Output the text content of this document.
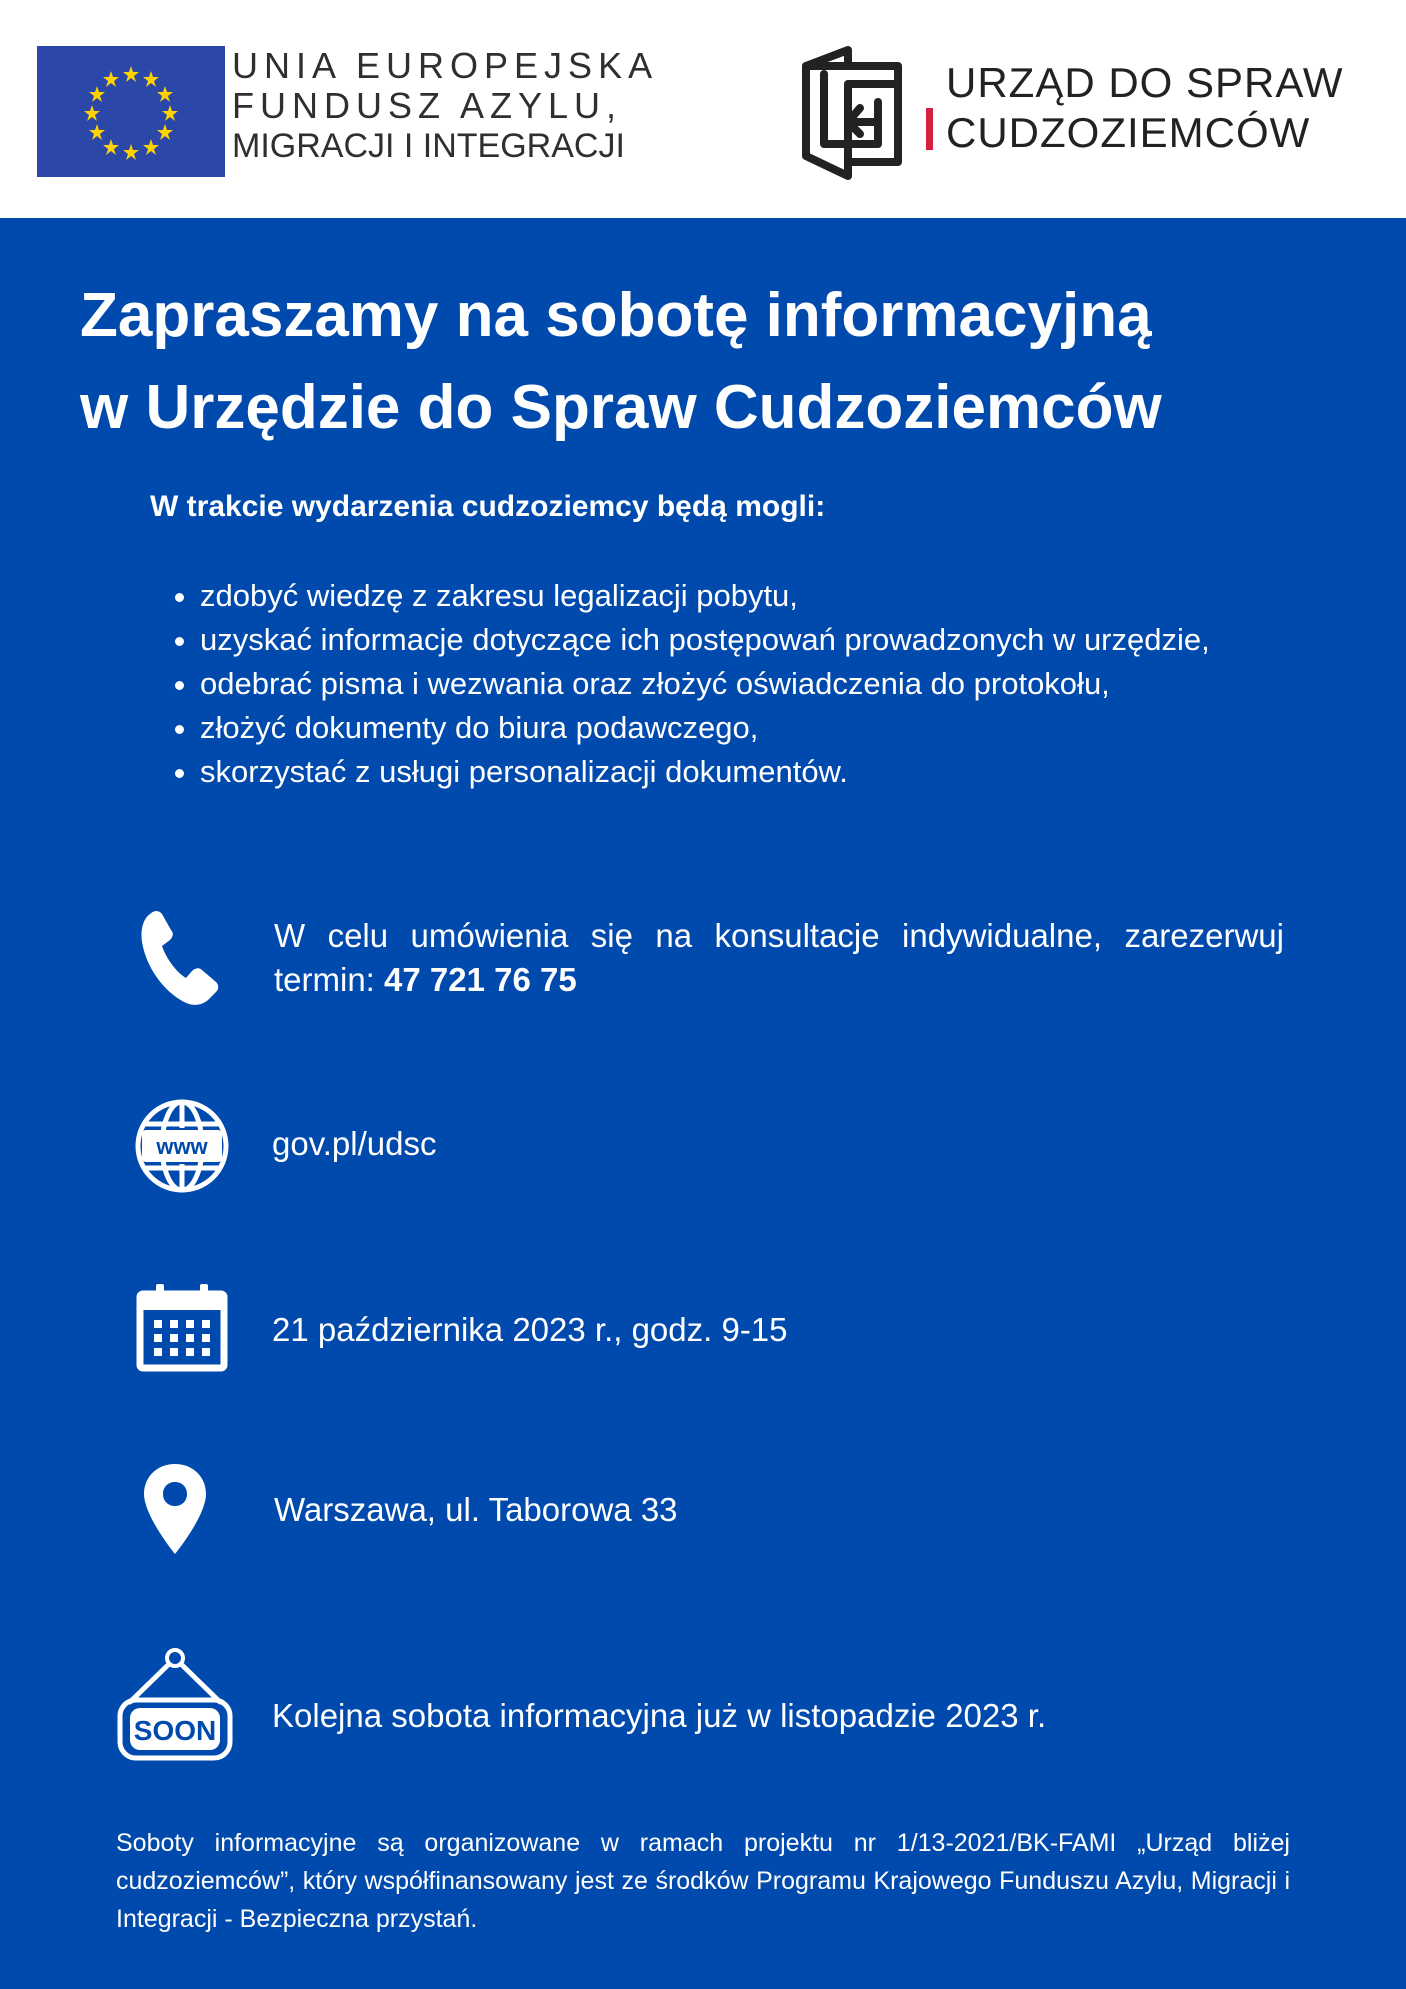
UNIA EUROPEJSKA
FUNDUSZ AZYLU,
MIGRACJI I INTEGRACJI
URZĄD DO SPRAW
CUDZOZIEMCÓW
Zapraszamy na sobotę informacyjną
w Urzędzie do Spraw Cudzoziemców

W trakcie wydarzenia cudzoziemcy będą mogli:

• zdobyć wiedzę z zakresu legalizacji pobytu,
• uzyskać informacje dotyczące ich postępowań prowadzonych w urzędzie,
• odebrać pisma i wezwania oraz złożyć oświadczenia do protokołu,
• złożyć dokumenty do biura podawczego,
• skorzystać z usługi personalizacji dokumentów.
W celu umówienia się na konsultacje indywidualne, zarezerwuj termin: 47 721 76 75
www gov.pl/udsc
21 października 2023 r., godz. 9-15
Warszawa, ul. Taborowa 33
SOON Kolejna sobota informacyjna już w listopadzie 2023 r.

Soboty informacyjne są organizowane w ramach projektu nr 1/13-2021/BK-FAMI „Urząd bliżej cudzoziemców”, który współfinansowany jest ze środków Programu Krajowego Funduszu Azylu, Migracji i Integracji - Bezpieczna przystań.
